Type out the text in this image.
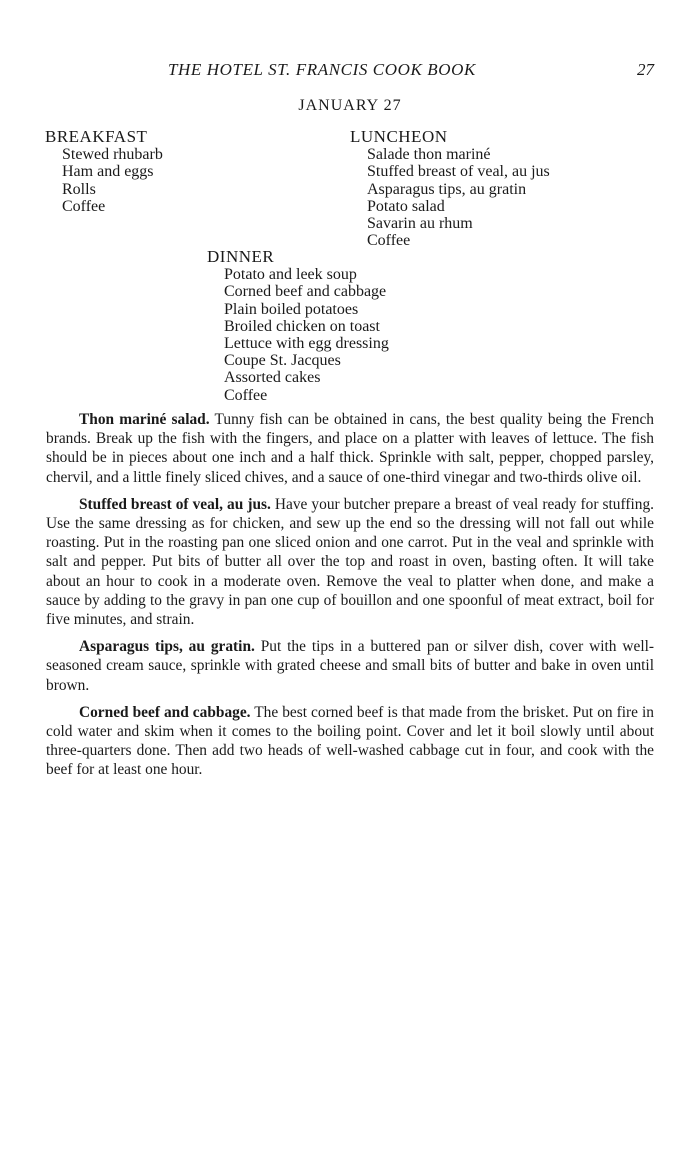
THE HOTEL ST. FRANCIS COOK BOOK	27
JANUARY 27
BREAKFAST
Stewed rhubarb
Ham and eggs
Rolls
Coffee
LUNCHEON
Salade thon mariné
Stuffed breast of veal, au jus
Asparagus tips, au gratin
Potato salad
Savarin au rhum
Coffee
DINNER
Potato and leek soup
Corned beef and cabbage
Plain boiled potatoes
Broiled chicken on toast
Lettuce with egg dressing
Coupe St. Jacques
Assorted cakes
Coffee

Thon mariné salad. Tunny fish can be obtained in cans, the best quality being the French brands. Break up the fish with the fingers, and place on a platter with leaves of lettuce. The fish should be in pieces about one inch and a half thick. Sprinkle with salt, pepper, chopped parsley, chervil, and a little finely sliced chives, and a sauce of one-third vinegar and two-thirds olive oil.

Stuffed breast of veal, au jus. Have your butcher prepare a breast of veal ready for stuffing. Use the same dressing as for chicken, and sew up the end so the dressing will not fall out while roasting. Put in the roasting pan one sliced onion and one carrot. Put in the veal and sprinkle with salt and pepper. Put bits of butter all over the top and roast in oven, basting often. It will take about an hour to cook in a moderate oven. Remove the veal to platter when done, and make a sauce by adding to the gravy in pan one cup of bouillon and one spoonful of meat extract, boil for five minutes, and strain.

Asparagus tips, au gratin. Put the tips in a buttered pan or silver dish, cover with well-seasoned cream sauce, sprinkle with grated cheese and small bits of butter and bake in oven until brown.

Corned beef and cabbage. The best corned beef is that made from the brisket. Put on fire in cold water and skim when it comes to the boiling point. Cover and let it boil slowly until about three-quarters done. Then add two heads of well-washed cabbage cut in four, and cook with the beef for at least one hour.
